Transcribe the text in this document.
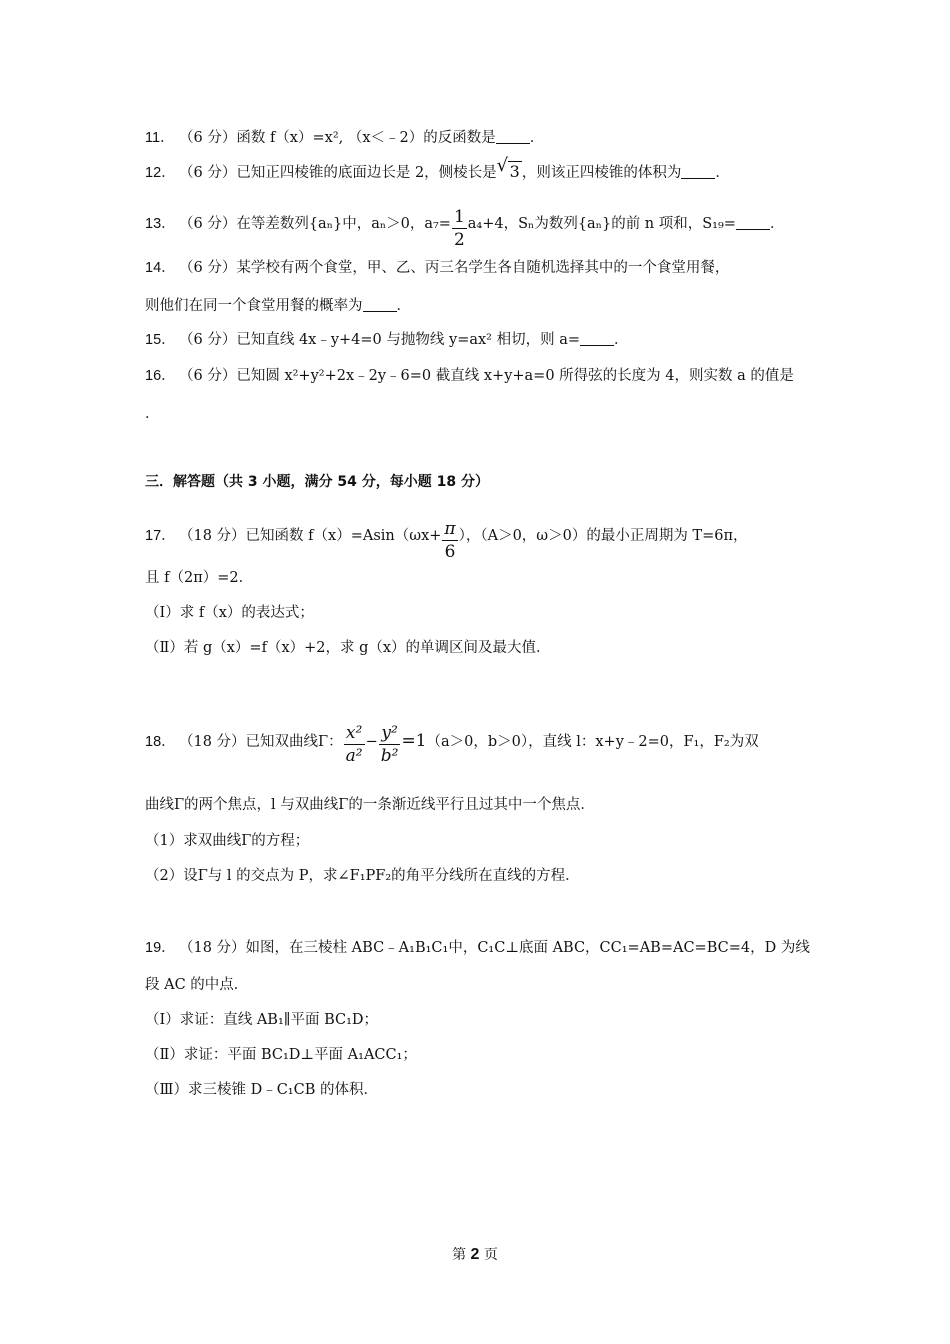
11． （6 分）函数 f（x）=x², （x＜﹣2）的反函数是 ．
12． （6 分）已知正四棱锥的底面边长是 2，侧棱长是 √ 3 ，则该正四棱锥的体积为 ．
13． （6 分）在等差数列{aₙ}中，aₙ＞0，$a_7= \frac{1}{2} a_4+4$，Sₙ为数列{aₙ}的前 n 项和，S₁₉= ．
14． （6 分）某学校有两个食堂，甲、乙、丙三名学生各自随机选择其中的一个食堂用餐，
则他们在同一个食堂用餐的概率为 ．
15． （6 分）已知直线 4x﹣y+4=0 与抛物线 y=ax² 相切，则 a= ．
16． （6 分）已知圆 x²+y²+2x﹣2y﹣6=0 截直线 x+y+a=0 所得弦的长度为 4，则实数 a 的值是
．
三．解答题（共 3 小题，满分 54 分，每小题 18 分）
17． （18 分）已知函数 $f(x)=Asin(\omega x+ \frac{\pi}{6}$ ），（A＞0，ω＞0）的最小正周期为 T=6π，
且 f（2π）=2．
（Ⅰ）求 f（x）的表达式；
（Ⅱ）若 g（x）=f（x）+2，求 g（x）的单调区间及最大值．
18． （18 分）已知双曲线Γ： $\frac{\text{x²}}{\text{a²}} - \frac{\text{y²}}{\text{b²}} =1(a>0$，b＞0），直线 l：x+y﹣2=0，F₁，F₂为双
曲线Γ的两个焦点，l 与双曲线Γ的一条渐近线平行且过其中一个焦点．
（1）求双曲线Γ的方程；
（2）设Γ与 l 的交点为 P，求∠F₁PF₂的角平分线所在直线的方程．
19． （18 分）如图，在三棱柱 ABC﹣A₁B₁C₁中，C₁C⊥底面 ABC，CC₁=AB=AC=BC=4，D 为线
段 AC 的中点．
（Ⅰ）求证：直线 AB₁∥平面 BC₁D；
（Ⅱ）求证：平面 BC₁D⊥平面 A₁ACC₁；
（Ⅲ）求三棱锥 D﹣C₁CB 的体积．
第 2 页
